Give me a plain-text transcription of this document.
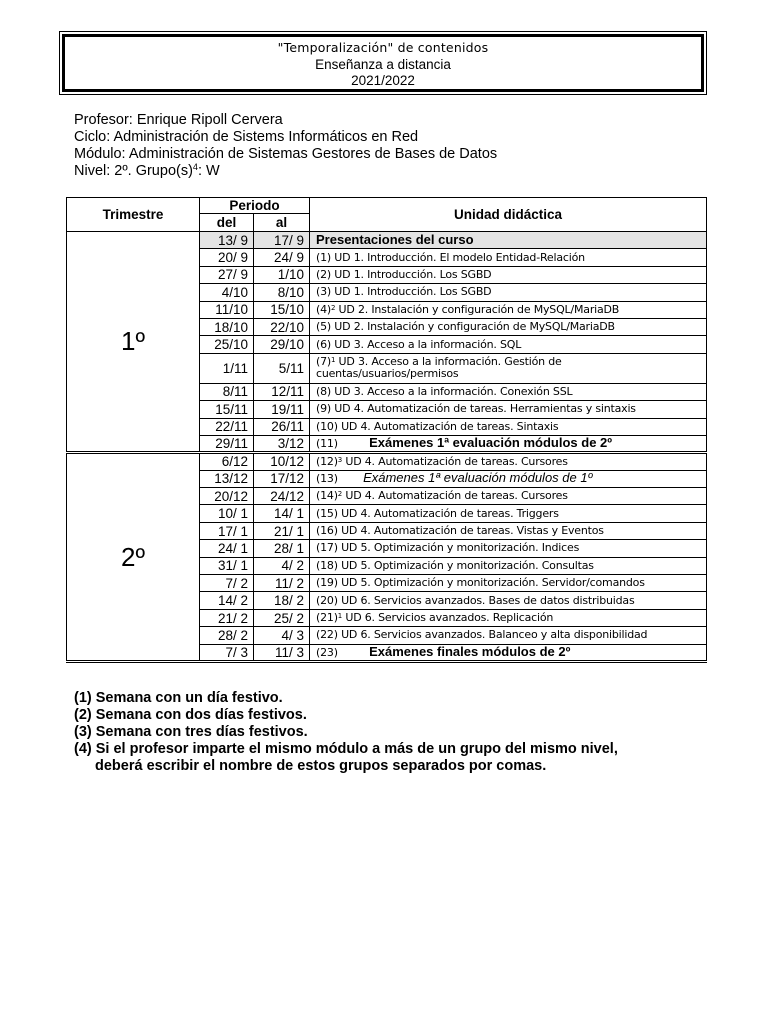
"Temporalización" de contenidos
Enseñanza a distancia
2021/2022
Profesor: Enrique Ripoll Cervera
Ciclo: Administración de Sistems Informáticos en Red
Módulo: Administración de Sistemas Gestores de Bases de Datos
Nivel: 2º. $Grupo(s)^4$: W
Trimestre	Periodo		Unidad didáctica
	del	al	
1º	13/ 9	17/ 9	Presentaciones del curso
	20/ 9	24/ 9	(1) UD 1. Introducción. El modelo Entidad-Relación
	27/ 9	1/10	(2) UD 1. Introducción. Los SGBD
	4/10	8/10	(3) UD 1. Introducción. Los SGBD
	11/10	15/10	$(4)^2$ UD 2. Instalación y configuración de MySQL/MariaDB
	18/10	22/10	(5) UD 2. Instalación y configuración de MySQL/MariaDB
	25/10	29/10	(6) UD 3. Acceso a la información. SQL
	1/11	5/11	$(7)^1$ UD 3. Acceso a la información. Gestión de
cuentas/usuarios/permisos
	8/11	12/11	(8) UD 3. Acceso a la información. Conexión SSL
	15/11	19/11	(9) UD 4. Automatización de tareas. Herramientas y sintaxis
	22/11	26/11	(10) UD 4. Automatización de tareas. Sintaxis
	29/11	3/12	(11) Exámenes 1ª evaluación módulos de 2º
2º	6/12	10/12	$(12)^3$ UD 4. Automatización de tareas. Cursores
	13/12	17/12	(13) Exámenes 1ª evaluación módulos de 1º
	20/12	24/12	$(14)^2$ UD 4. Automatización de tareas. Cursores
	10/ 1	14/ 1	(15) UD 4. Automatización de tareas. Triggers
	17/ 1	21/ 1	(16) UD 4. Automatización de tareas. Vistas y Eventos
	24/ 1	28/ 1	(17) UD 5. Optimización y monitorización. Indices
	31/ 1	4/ 2	(18) UD 5. Optimización y monitorización. Consultas
	7/ 2	11/ 2	(19) UD 5. Optimización y monitorización. Servidor/comandos
	14/ 2	18/ 2	(20) UD 6. Servicios avanzados. Bases de datos distribuidas
	21/ 2	25/ 2	$(21)^1$ UD 6. Servicios avanzados. Replicación
	28/ 2	4/ 3	(22) UD 6. Servicios avanzados. Balanceo y alta disponibilidad
	7/ 3	11/ 3	(23) Exámenes finales módulos de 2º
(1) Semana con un día festivo.
(2) Semana con dos días festivos.
(3) Semana con tres días festivos.
(4) Si el profesor imparte el mismo módulo a más de un grupo del mismo nivel,
deberá escribir el nombre de estos grupos separados por comas.
